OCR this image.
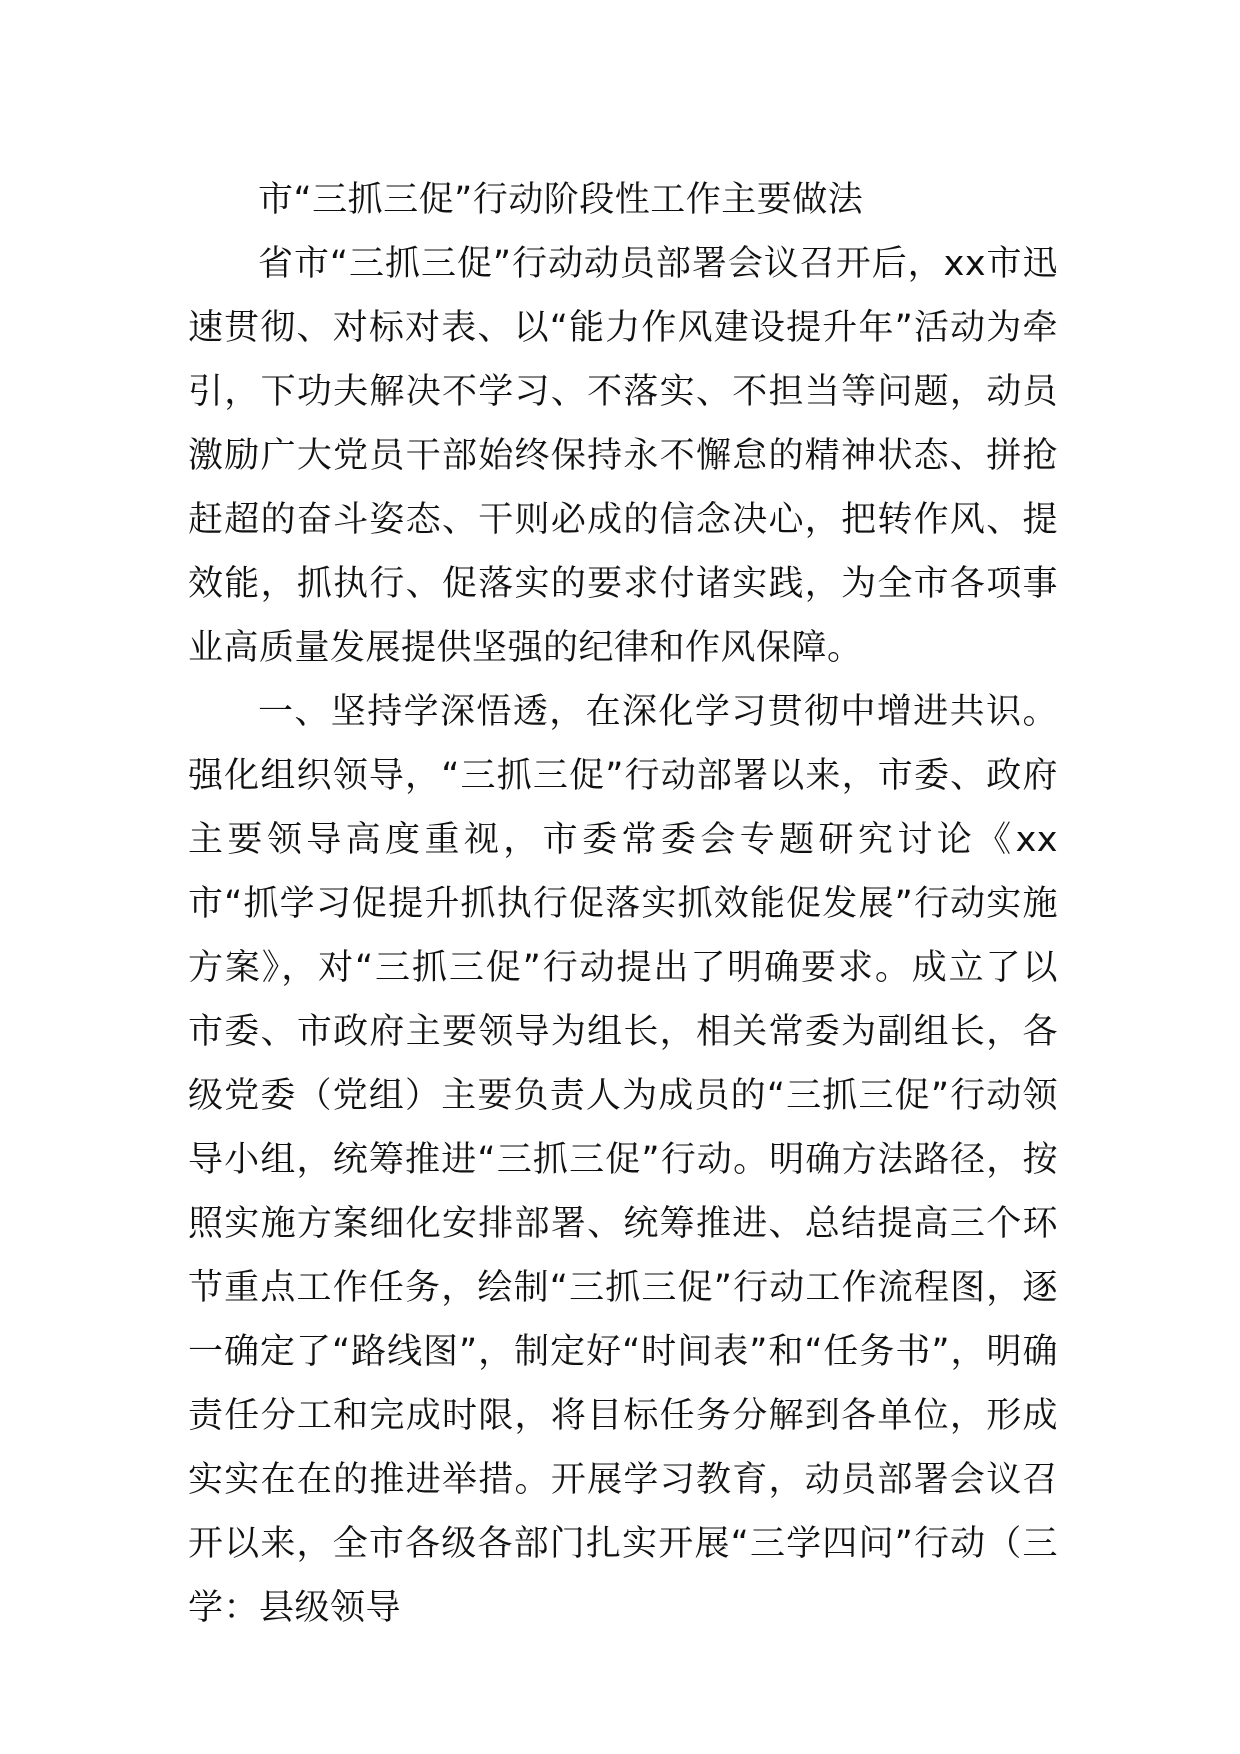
市“三抓三促”行动阶段性工作主要做法

省市“三抓三促”行动动员部署会议召开后，xx市迅速贯彻、对标对表、以“能力作风建设提升年”活动为牵引，下功夫解决不学习、不落实、不担当等问题，动员激励广大党员干部始终保持永不懈怠的精神状态、拼抢赶超的奋斗姿态、干则必成的信念决心，把转作风、提效能，抓执行、促落实的要求付诸实践，为全市各项事业高质量发展提供坚强的纪律和作风保障。

一、坚持学深悟透，在深化学习贯彻中增进共识。强化组织领导，“三抓三促”行动部署以来，市委、政府主要领导高度重视，市委常委会专题研究讨论《xx市“抓学习促提升抓执行促落实抓效能促发展”行动实施方案》，对“三抓三促”行动提出了明确要求。成立了以市委、市政府主要领导为组长，相关常委为副组长，各级党委（党组）主要负责人为成员的“三抓三促”行动领导小组，统筹推进“三抓三促”行动。明确方法路径，按照实施方案细化安排部署、统筹推进、总结提高三个环节重点工作任务，绘制“三抓三促”行动工作流程图，逐一确定了“路线图”，制定好“时间表”和“任务书”，明确责任分工和完成时限，将目标任务分解到各单位，形成实实在在的推进举措。开展学习教育，动员部署会议召开以来，全市各级各部门扎实开展“三学四问”行动（三学：县级领导
